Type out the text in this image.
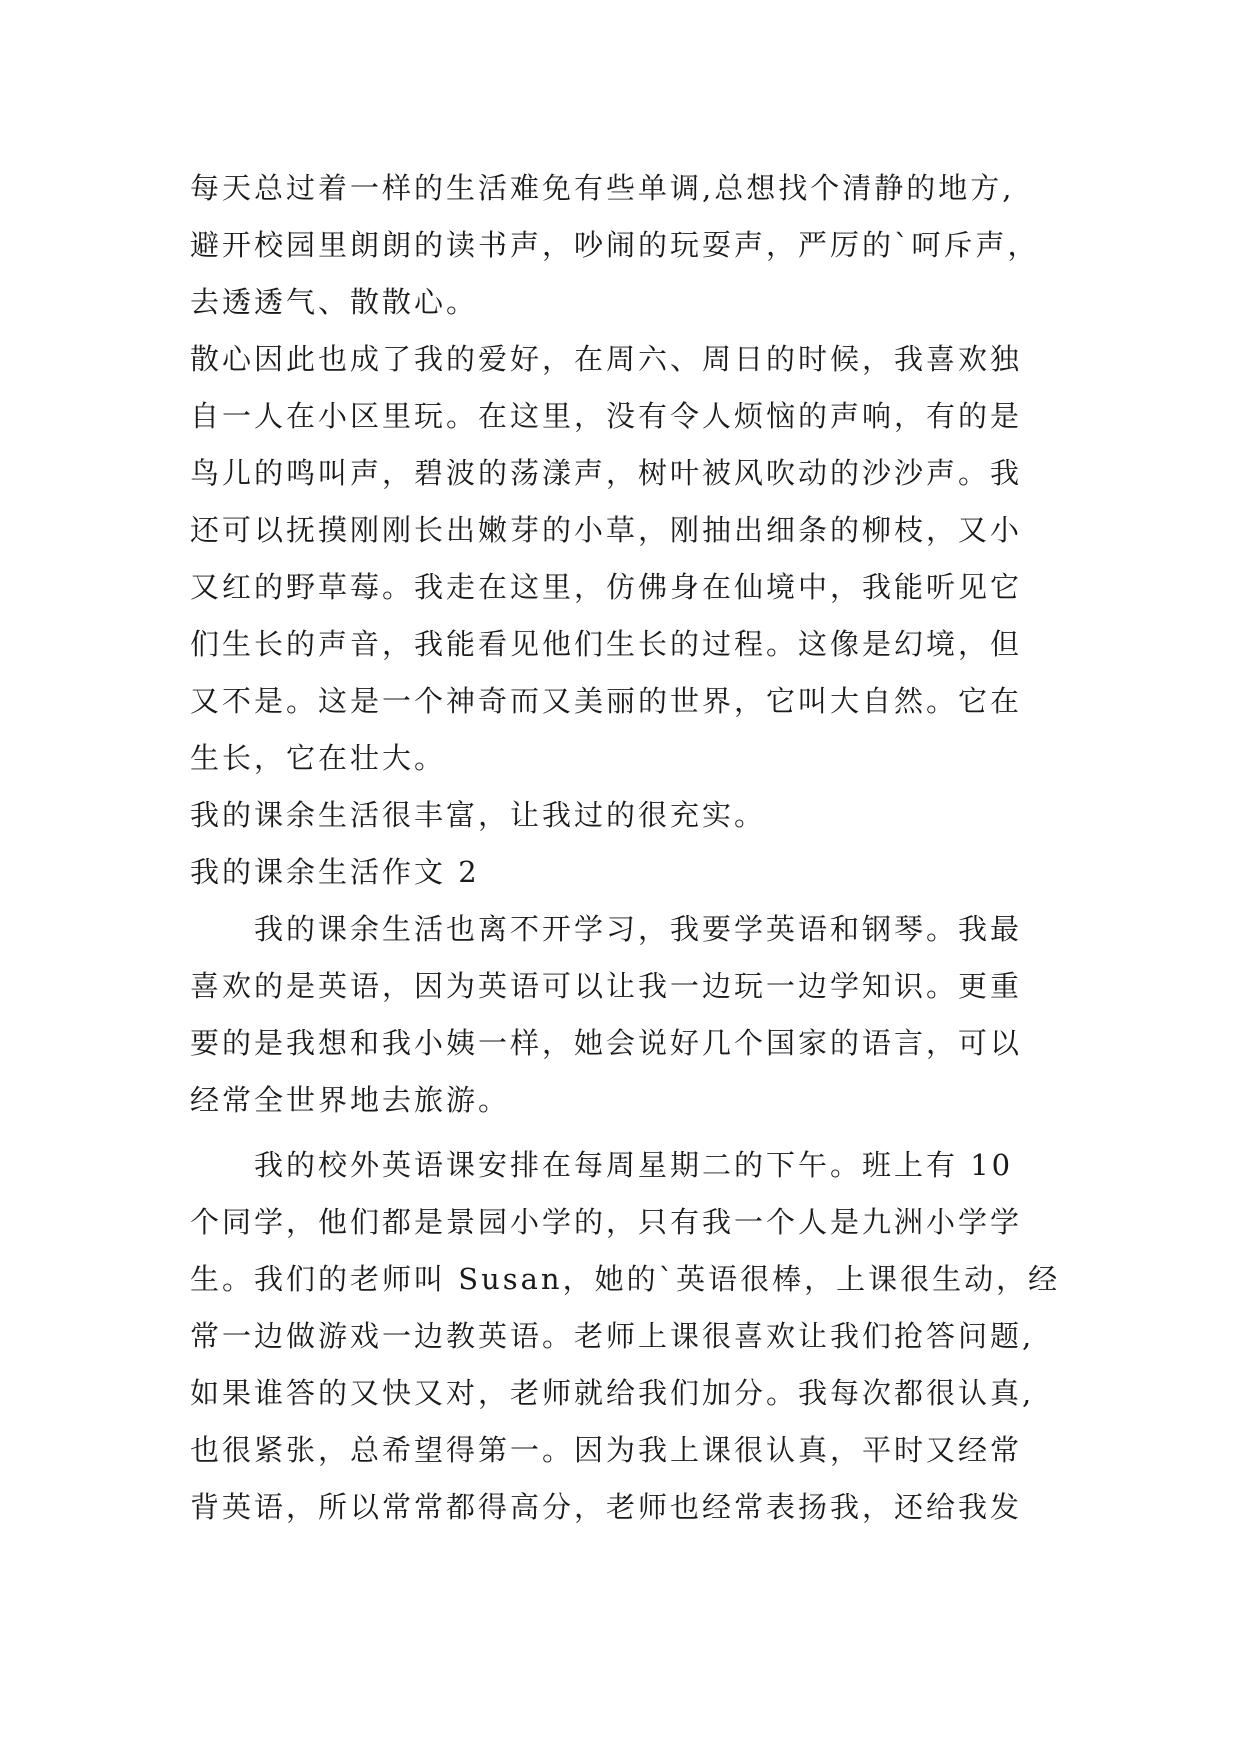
每天总过着一样的生活难免有些单调,总想找个清静的地方,
避开校园里朗朗的读书声，吵闹的玩耍声，严厉的`呵斥声，
去透透气、散散心。
散心因此也成了我的爱好，在周六、周日的时候，我喜欢独
自一人在小区里玩。在这里，没有令人烦恼的声响，有的是
鸟儿的鸣叫声，碧波的荡漾声，树叶被风吹动的沙沙声。我
还可以抚摸刚刚长出嫩芽的小草，刚抽出细条的柳枝，又小
又红的野草莓。我走在这里，仿佛身在仙境中，我能听见它
们生长的声音，我能看见他们生长的过程。这像是幻境，但
又不是。这是一个神奇而又美丽的世界，它叫大自然。它在
生长，它在壮大。
我的课余生活很丰富，让我过的很充实。
我的课余生活作文 2
　　我的课余生活也离不开学习，我要学英语和钢琴。我最
喜欢的是英语，因为英语可以让我一边玩一边学知识。更重
要的是我想和我小姨一样，她会说好几个国家的语言，可以
经常全世界地去旅游。
　　我的校外英语课安排在每周星期二的下午。班上有 10
个同学，他们都是景园小学的，只有我一个人是九洲小学学
生。我们的老师叫 Susan，她的`英语很棒，上课很生动，经
常一边做游戏一边教英语。老师上课很喜欢让我们抢答问题,
如果谁答的又快又对，老师就给我们加分。我每次都很认真,
也很紧张，总希望得第一。因为我上课很认真，平时又经常
背英语，所以常常都得高分，老师也经常表扬我，还给我发
